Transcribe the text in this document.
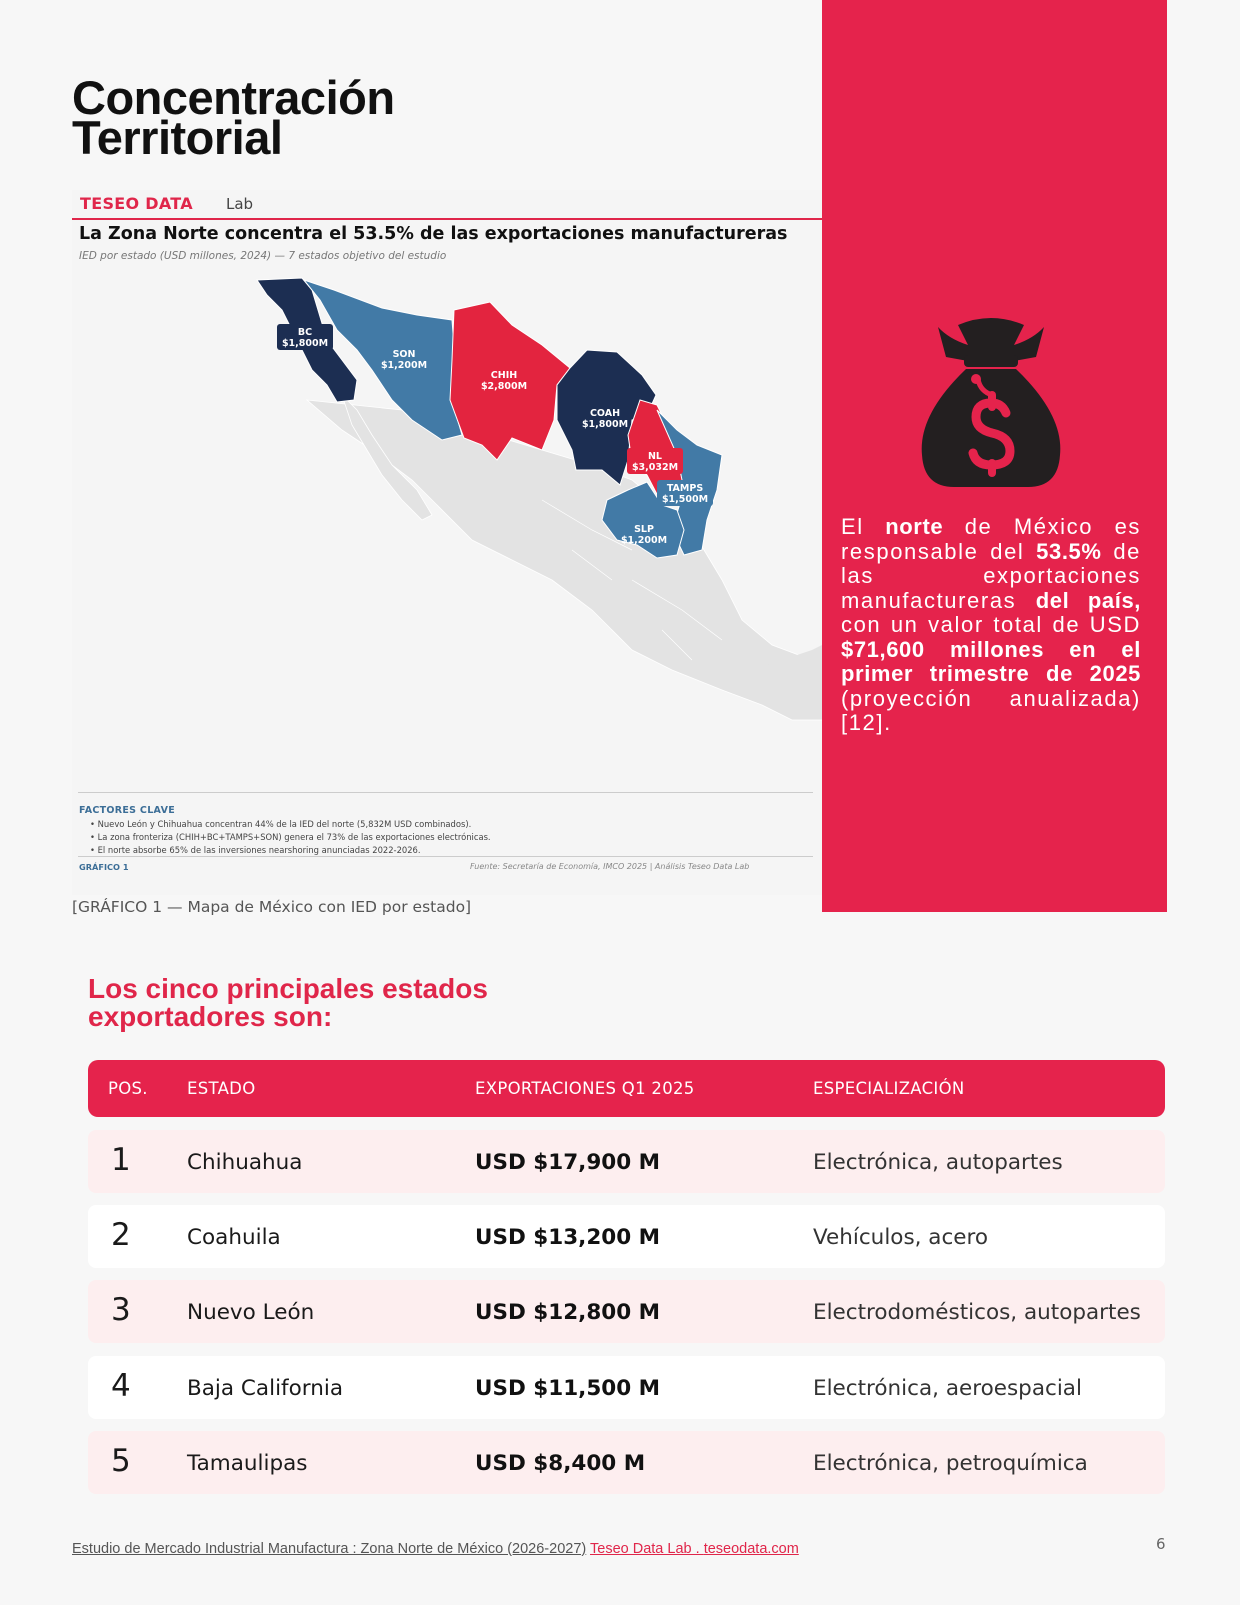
Concentración
Territorial
TESEO DATA Lab
La Zona Norte concentra el 53.5% de las exportaciones manufactureras
IED por estado (USD millones, 2024) — 7 estados objetivo del estudio
BC
$1,800M
SON
$1,200M
CHIH
$2,800M
COAH
$1,800M
NL
$3,032M
TAMPS
$1,500M
SLP
$1,200M
FACTORES CLAVE
• Nuevo León y Chihuahua concentran 44% de la IED del norte (5,832M USD combinados).
• La zona fronteriza (CHIH+BC+TAMPS+SON) genera el 73% de las exportaciones electrónicas.
• El norte absorbe 65% de las inversiones nearshoring anunciadas 2022-2026.
GRÁFICO 1	Fuente: Secretaría de Economía, IMCO 2025 | Análisis Teseo Data Lab
[GRÁFICO 1 — Mapa de México con IED por estado]

El norte de México es responsable del 53.5% de las exportaciones manufactureras del país, con un valor total de USD $71,600 millones en el primer trimestre de 2025 (proyección anualizada) [12].

Los cinco principales estados exportadores son:
POS. ESTADO	EXPORTACIONES Q1 2025	ESPECIALIZACIÓN
1	Chihuahua	USD $17,900 M	Electrónica, autopartes
2	Coahuila	USD $13,200 M	Vehículos, acero
3	Nuevo León	USD $12,800 M	Electrodomésticos, autopartes
4	Baja California	USD $11,500 M	Electrónica, aeroespacial
5	Tamaulipas	USD $8,400 M	Electrónica, petroquímica
Estudio de Mercado Industrial Manufactura : Zona Norte de México (2026-2027) Teseo Data Lab . teseodata.com	6
